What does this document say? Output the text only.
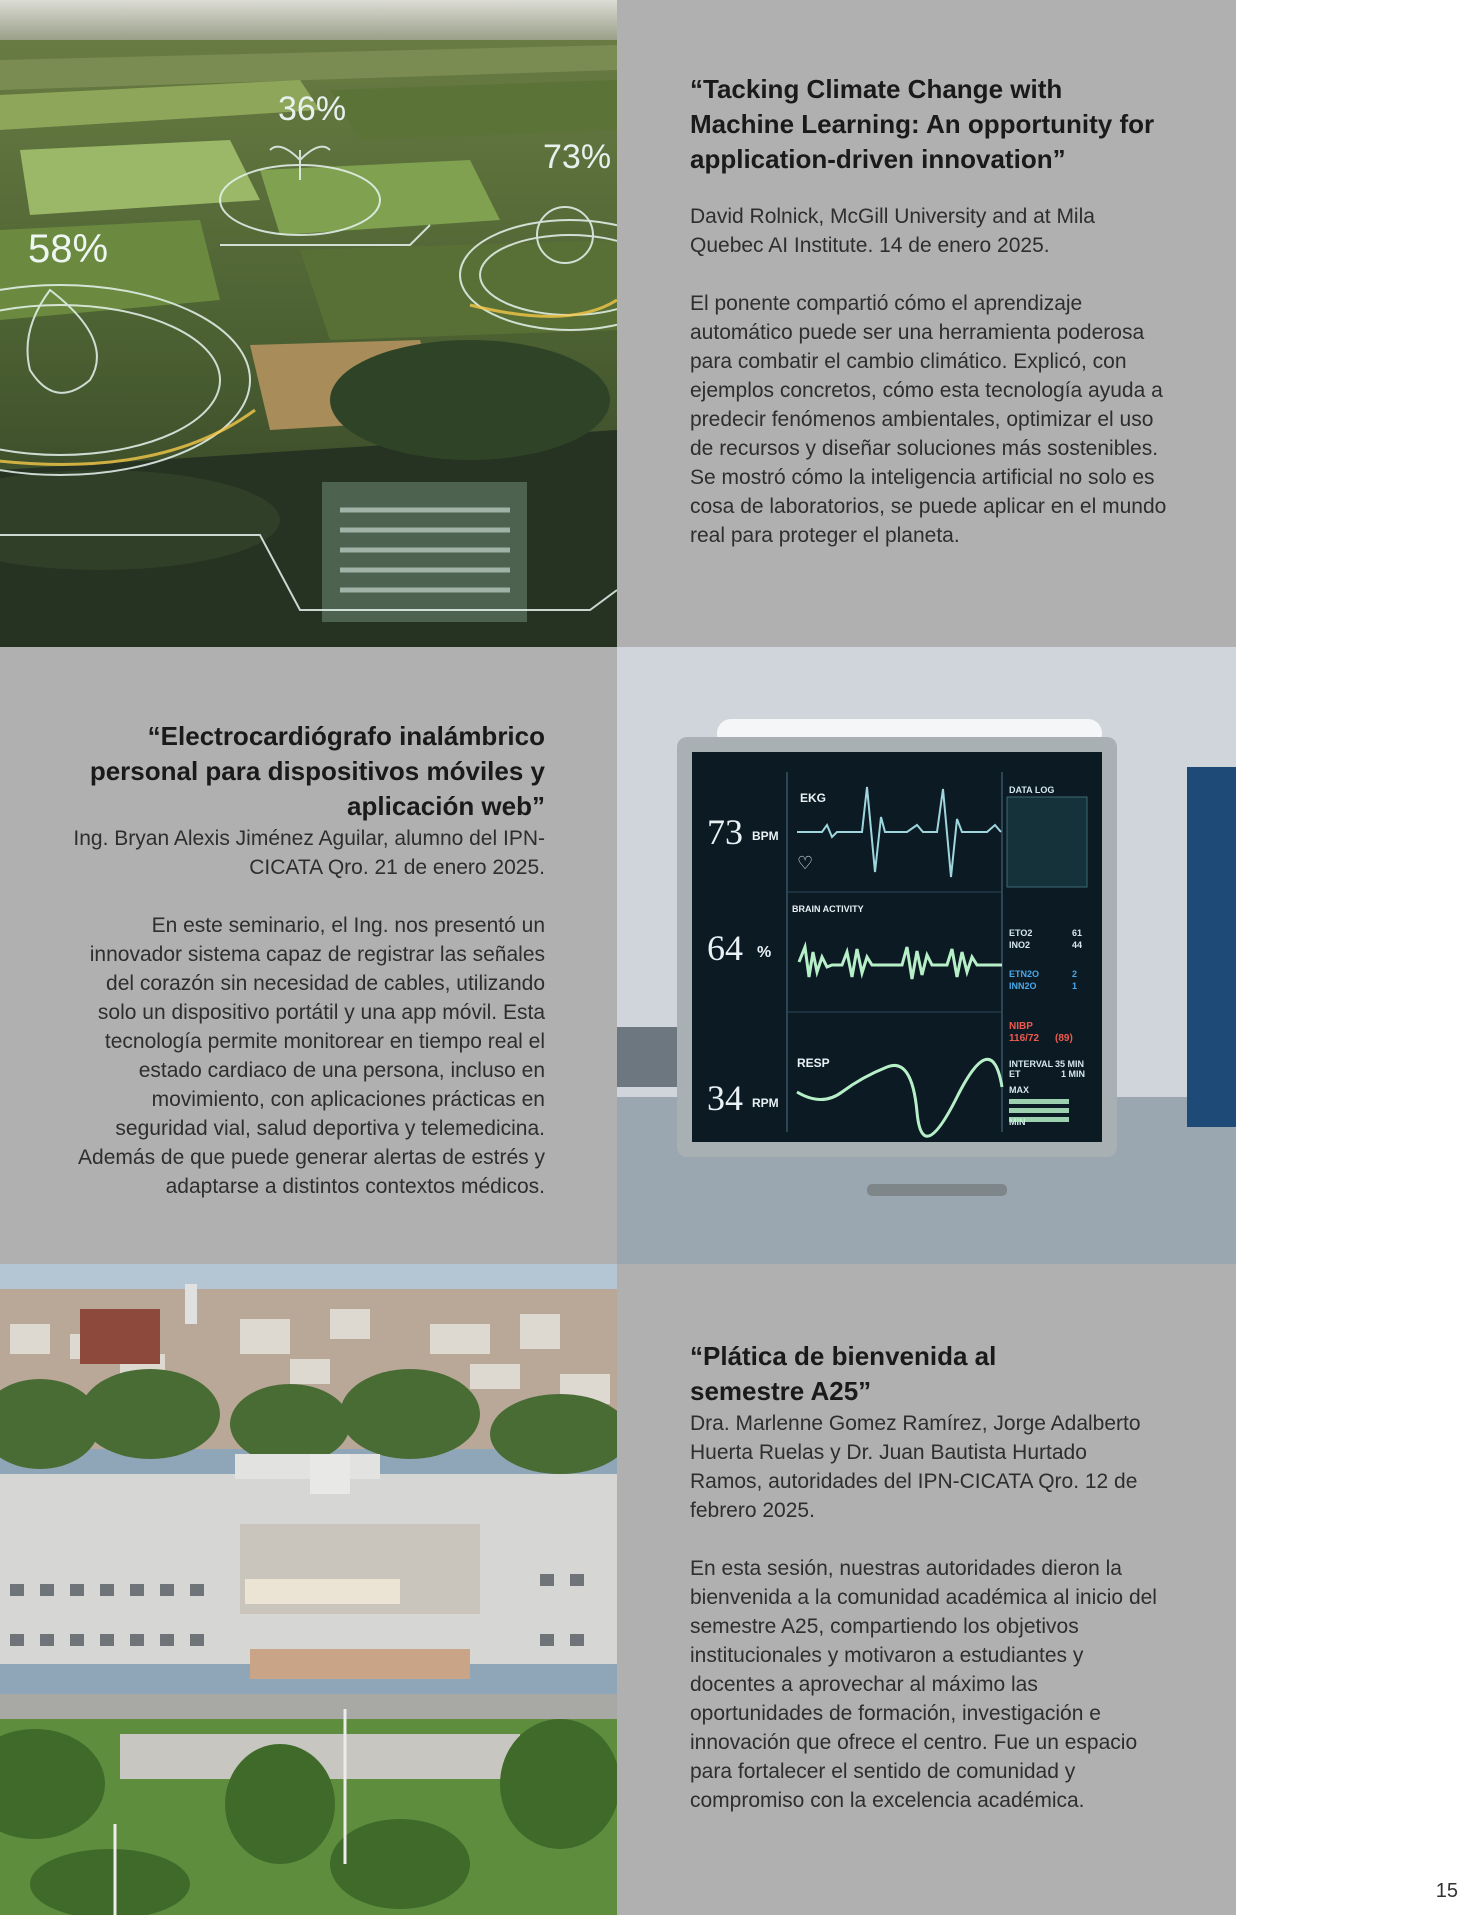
36%
73%
58%

“Tacking Climate Change with Machine Learning: An opportunity for application-driven innovation”

David Rolnick, McGill University and at Mila Quebec AI Institute. 14 de enero 2025.

El ponente compartió cómo el aprendizaje automático puede ser una herramienta poderosa para combatir el cambio climático. Explicó, con ejemplos concretos, cómo esta tecnología ayuda a predecir fenómenos ambientales, optimizar el uso de recursos y diseñar soluciones más sostenibles. Se mostró cómo la inteligencia artificial no solo es cosa de laboratorios, se puede aplicar en el mundo real para proteger el planeta.

“Electrocardiógrafo inalámbrico personal para dispositivos móviles y aplicación web”

Ing. Bryan Alexis Jiménez Aguilar, alumno del IPN-CICATA Qro. 21 de enero 2025.

En este seminario, el Ing. nos presentó un innovador sistema capaz de registrar las señales del corazón sin necesidad de cables, utilizando solo un dispositivo portátil y una app móvil. Esta tecnología permite monitorear en tiempo real el estado cardiaco de una persona, incluso en movimiento, con aplicaciones prácticas en seguridad vial, salud deportiva y telemedicina. Además de que puede generar alertas de estrés y adaptarse a distintos contextos médicos.

73
64
34
BPM
%
RPM
EKG
BRAIN ACTIVITY
RESP
♡
DATA LOG
ETO2	61
INO2	44
INTERVAL 35 MIN
ET	1 MIN
MAX
ETN2O	2
INN2O	1
NIBP
116/72 (89)

“Plática de bienvenida al semestre A25”

Dra. Marlenne Gomez Ramírez, Jorge Adalberto Huerta Ruelas y Dr. Juan Bautista Hurtado Ramos, autoridades del IPN-CICATA Qro. 12 de febrero 2025.

En esta sesión, nuestras autoridades dieron la bienvenida a la comunidad académica al inicio del semestre A25, compartiendo los objetivos institucionales y motivaron a estudiantes y docentes a aprovechar al máximo las oportunidades de formación, investigación e innovación que ofrece el centro. Fue un espacio para fortalecer el sentido de comunidad y compromiso con la excelencia académica.

15
